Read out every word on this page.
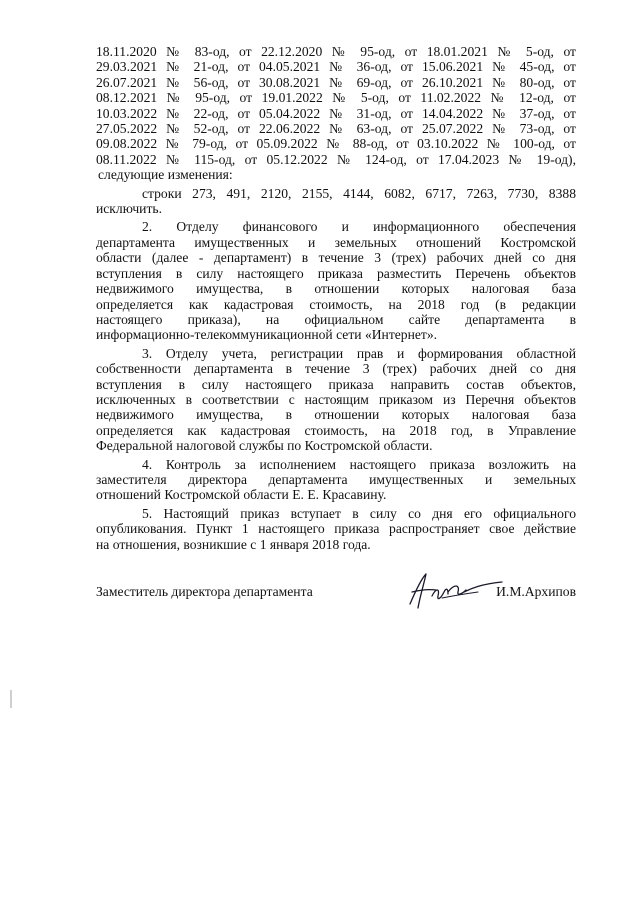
18.11.2020 № 83-од, от 22.12.2020 № 95-од, от 18.01.2021 № 5-од, от
29.03.2021 № 21-од, от 04.05.2021 № 36-од, от 15.06.2021 № 45-од, от
26.07.2021 № 56-од, от 30.08.2021 № 69-од, от 26.10.2021 № 80-од, от
08.12.2021 № 95-од, от 19.01.2022 № 5-од, от 11.02.2022 № 12-од, от
10.03.2022 № 22-од, от 05.04.2022 № 31-од, от 14.04.2022 № 37-од, от
27.05.2022 № 52-од, от 22.06.2022 № 63-од, от 25.07.2022 № 73-од, от
09.08.2022 № 79-од, от 05.09.2022 № 88-од, от 03.10.2022 № 100-од, от
08.11.2022 № 115-од, от 05.12.2022 № 124-од, от 17.04.2023 № 19-од),
следующие изменения:

строки 273, 491, 2120, 2155, 4144, 6082, 6717, 7263, 7730, 8388
исключить.

2. Отделу финансового и информационного обеспечения
департамента имущественных и земельных отношений Костромской
области (далее - департамент) в течение 3 (трех) рабочих дней со дня
вступления в силу настоящего приказа разместить Перечень объектов
недвижимого имущества, в отношении которых налоговая база
определяется как кадастровая стоимость, на 2018 год (в редакции
настоящего приказа), на официальном сайте департамента в
информационно-телекоммуникационной сети «Интернет».

3. Отделу учета, регистрации прав и формирования областной
собственности департамента в течение 3 (трех) рабочих дней со дня
вступления в силу настоящего приказа направить состав объектов,
исключенных в соответствии с настоящим приказом из Перечня объектов
недвижимого имущества, в отношении которых налоговая база
определяется как кадастровая стоимость, на 2018 год, в Управление
Федеральной налоговой службы по Костромской области.

4. Контроль за исполнением настоящего приказа возложить на
заместителя директора департамента имущественных и земельных
отношений Костромской области Е. Е. Красавину.

5. Настоящий приказ вступает в силу со дня его официального
опубликования. Пункт 1 настоящего приказа распространяет свое действие
на отношения, возникшие с 1 января 2018 года.

Заместитель директора департамента	И.М.Архипов
